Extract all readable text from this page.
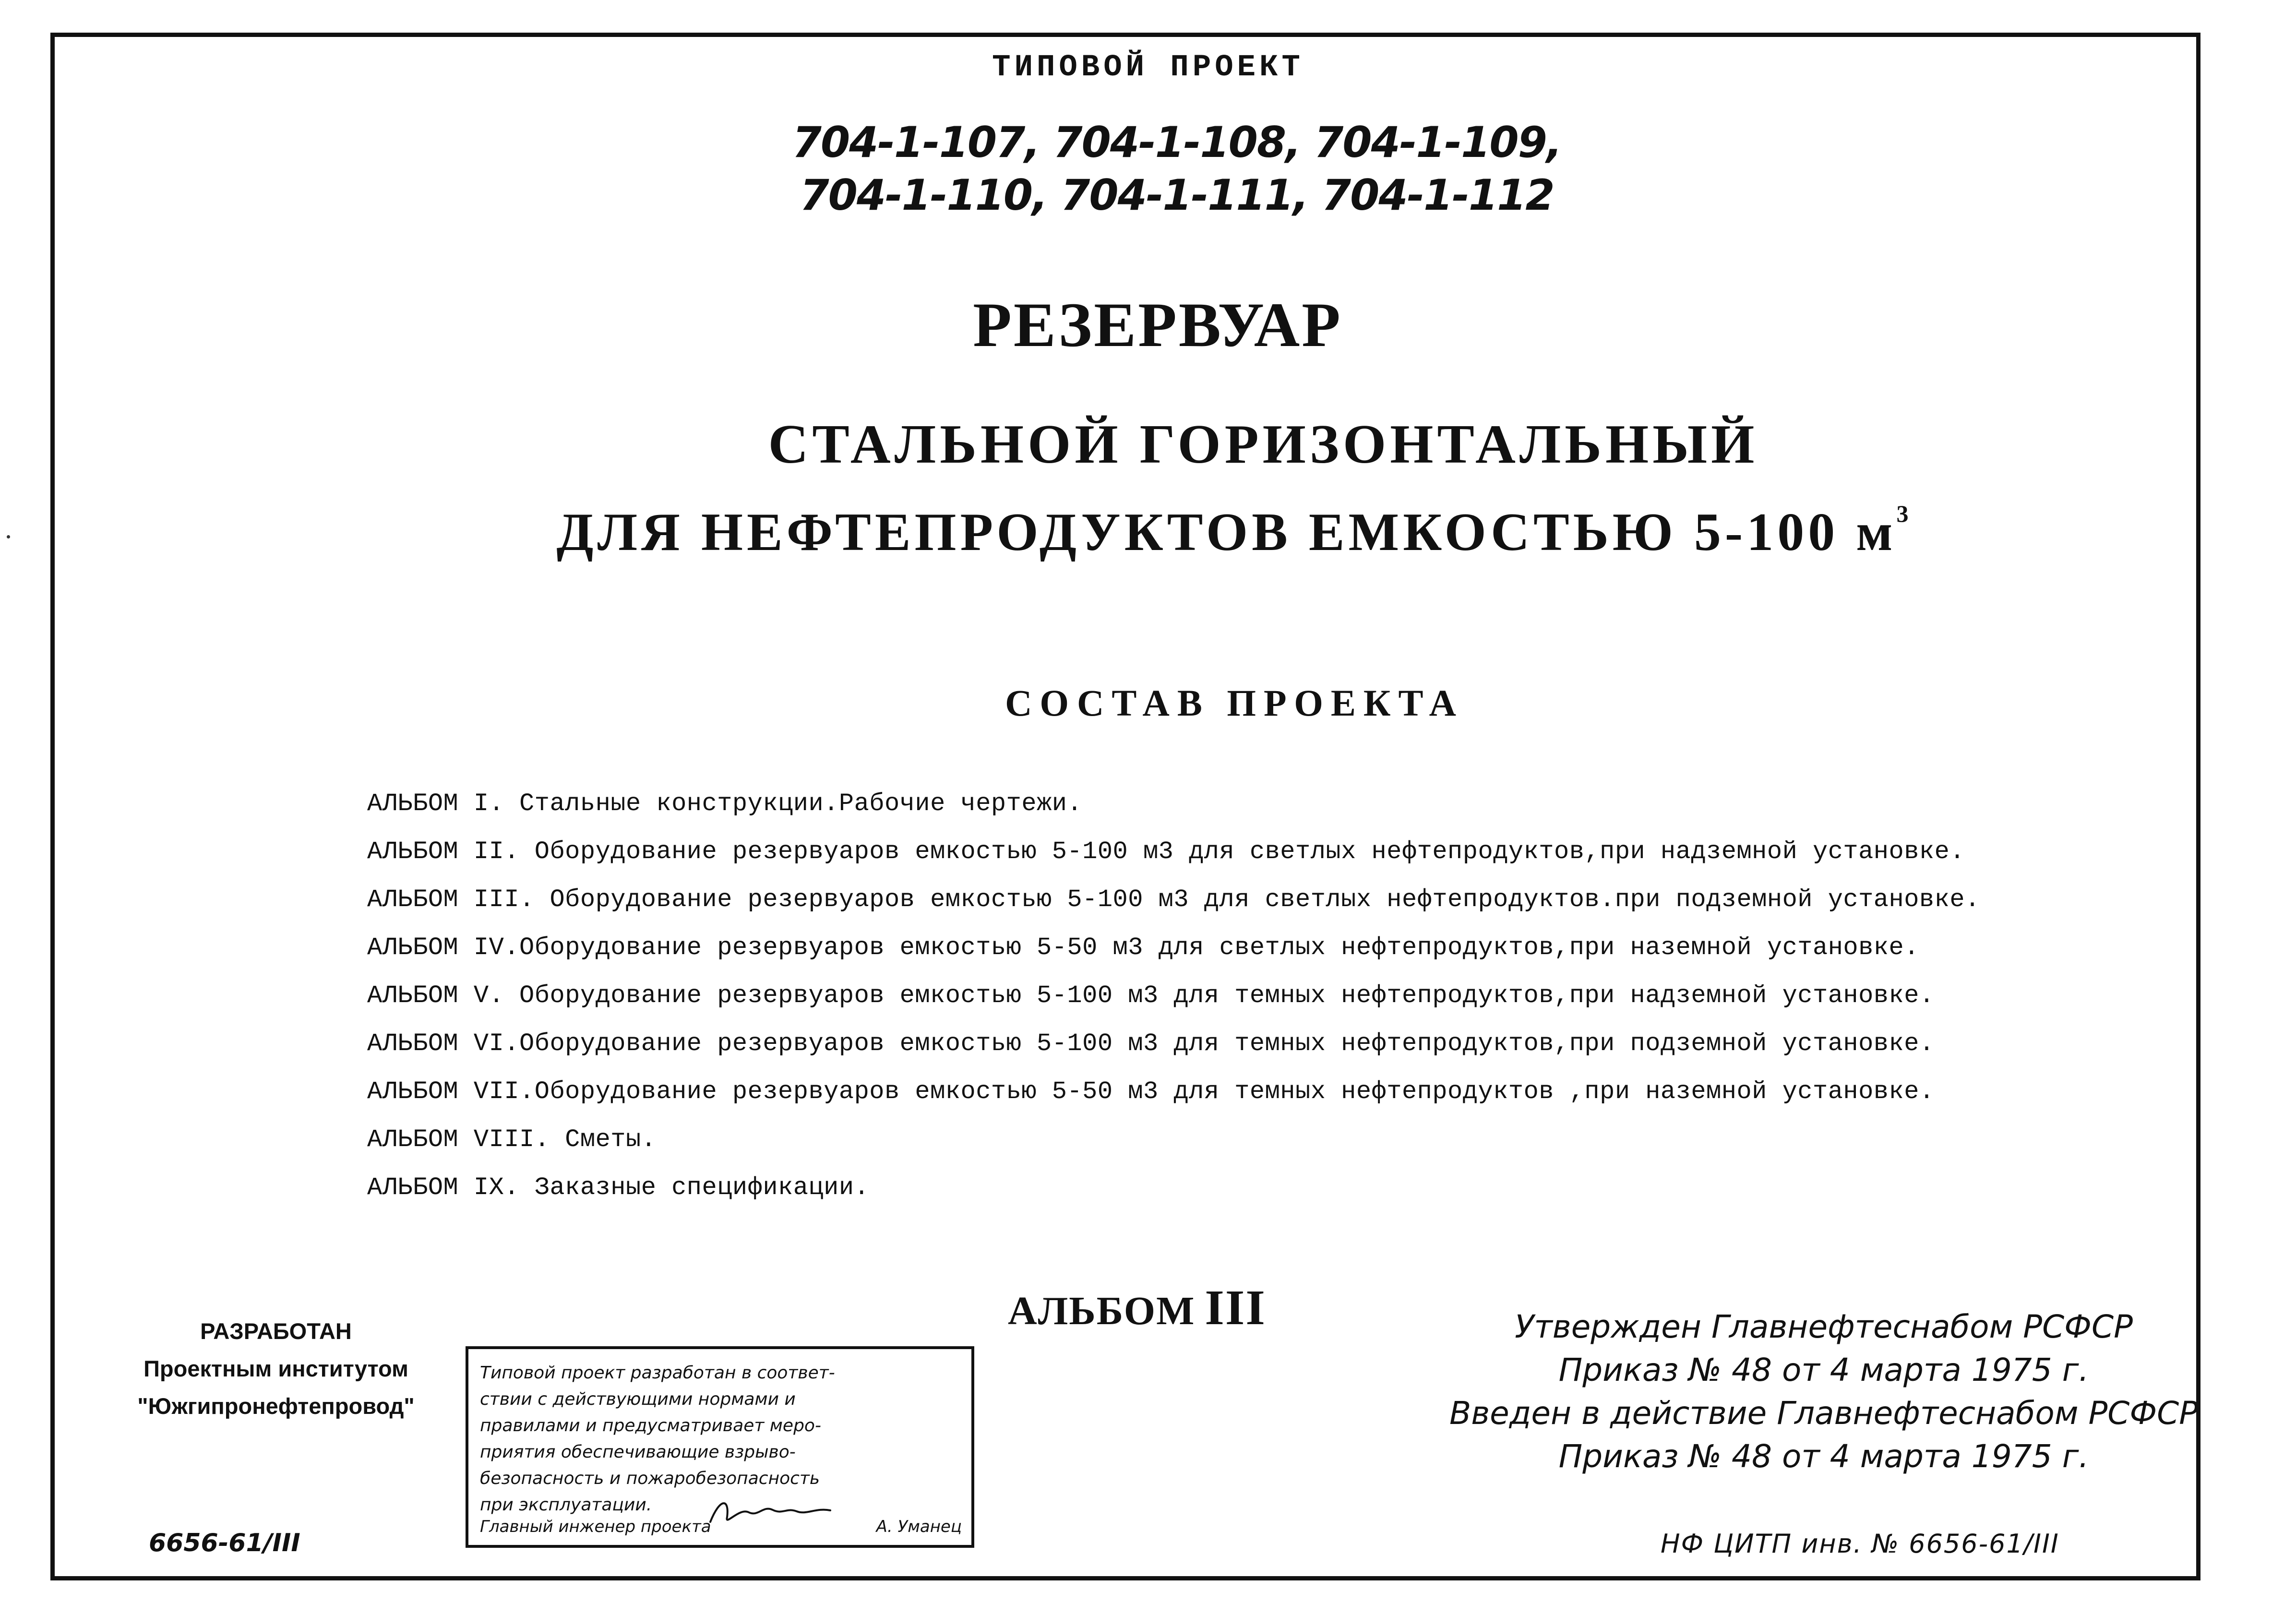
ТИПОВОЙ ПРОЕКТ
704-1-107, 704-1-108, 704-1-109,
704-1-110, 704-1-111, 704-1-112
РЕЗЕРВУАР
СТАЛЬНОЙ ГОРИЗОНТАЛЬНЫЙ
ДЛЯ НЕФТЕПРОДУКТОВ ЕМКОСТЬЮ 5-100 $м^3$
СОСТАВ ПРОЕКТА
АЛЬБОМ I. Стальные конструкции.Рабочие чертежи.
АЛЬБОМ II. Оборудование резервуаров емкостью 5-100 м3 для светлых нефтепродуктов,при надземной установке.
АЛЬБОМ III. Оборудование резервуаров емкостью 5-100 м3 для светлых нефтепродуктов.при подземной установке.
АЛЬБОМ IV.Оборудование резервуаров емкостью 5-50 м3 для светлых нефтепродуктов,при наземной установке.
АЛЬБОМ V. Оборудование резервуаров емкостью 5-100 м3 для темных нефтепродуктов,при надземной установке.
АЛЬБОМ VI.Оборудование резервуаров емкостью 5-100 м3 для темных нефтепродуктов,при подземной установке.
АЛЬБОМ VII.Оборудование резервуаров емкостью 5-50 м3 для темных нефтепродуктов ,при наземной установке.
АЛЬБОМ VIII. Сметы.
АЛЬБОМ IX. Заказные спецификации.
РАЗРАБОТАН
Проектным институтом
"Южгипронефтепровод"
6656-61/III
Типовой проект разработан в соответ-
ствии с действующими нормами и
правилами и предусматривает меро-
приятия обеспечивающие взрыво-
безопасность и пожаробезопасность
при эксплуатации.
Главный инженер проекта	А. Уманец
АЛЬБОМ III	Утвержден Главнефтеснабом РСФСР
Приказ № 48 от 4 марта 1975 г.
Введен в действие Главнефтеснабом РСФСР
Приказ № 48 от 4 марта 1975 г.
НФ ЦИТП инв. № 6656-61/III
